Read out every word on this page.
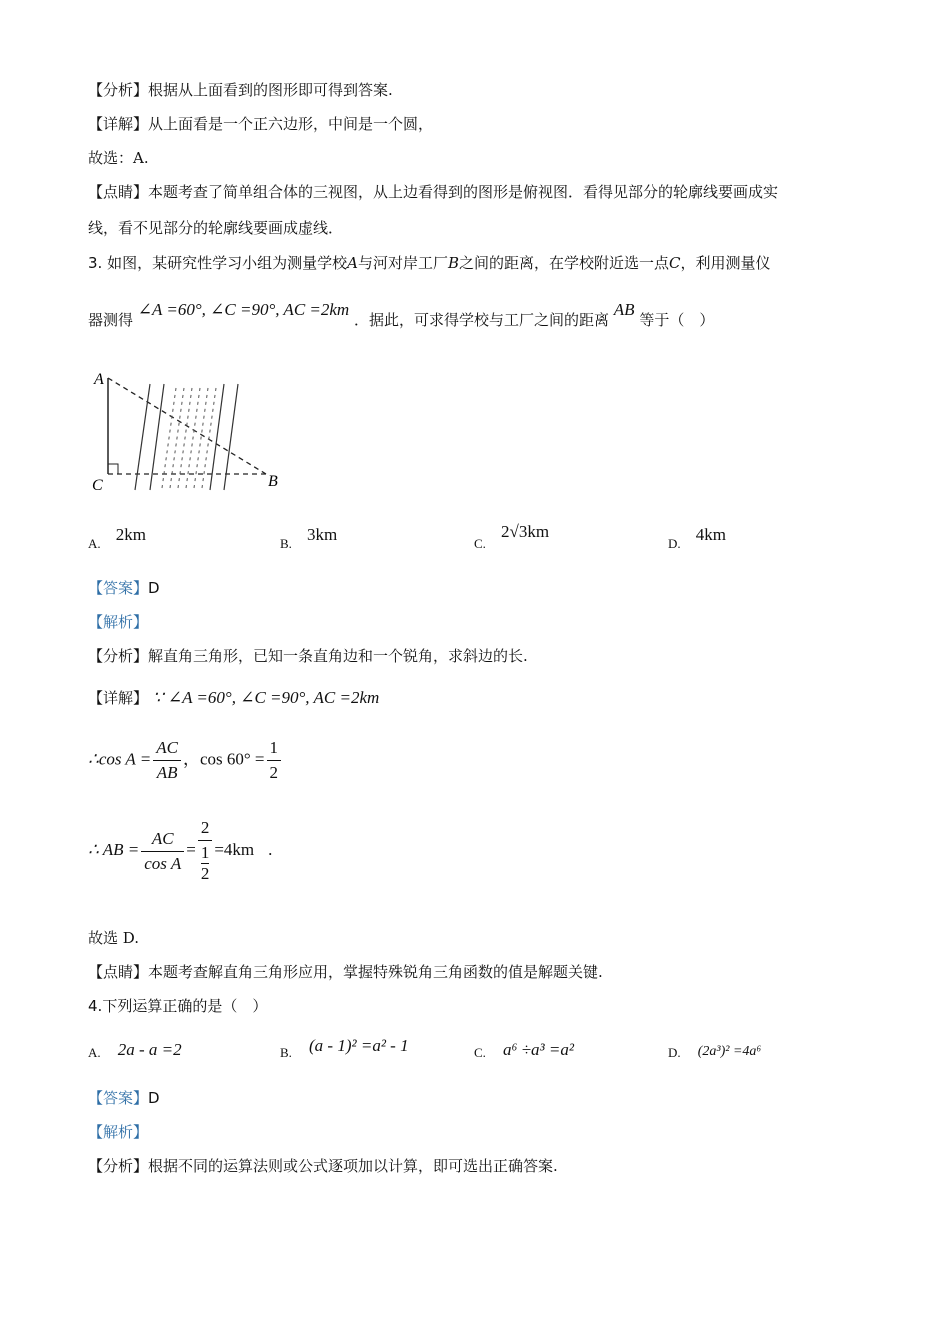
【分析】根据从上面看到的图形即可得到答案.
【详解】从上面看是一个正六边形，中间是一个圆，
故选：A.
【点睛】本题考查了简单组合体的三视图，从上边看得到的图形是俯视图．看得见部分的轮廓线要画成实
线，看不见部分的轮廓线要画成虚线．
3. 如图，某研究性学习小组为测量学校A与河对岸工厂B之间的距离，在学校附近选一点C，利用测量仪
器测得 ∠A =60°, ∠C =90°, AC =2km ．据此，可求得学校与工厂之间的距离 AB 等于（　）
A
C	B
$_{A.}$ 2km	$_{B.}$ 3km	$_{C.}$ 2√3km
$_{D.}$ 4km
【答案】D
【解析】
【分析】解直角三角形，已知一条直角边和一个锐角，求斜边的长.
【详解】 ∵ ∠A =60°, ∠C =90°, AC =2km
∴cos $A = \frac{AC}{AB}$ ，$\cos 60^\circ = \frac{1}{2}$
∴ AB = $\frac{AC}{\text{cos A}} = 2$
1
2 =4km .
故选 D.
【点睛】本题考查解直角三角形应用，掌握特殊锐角三角函数的值是解题关键.
4.下列运算正确的是（　）
A. 2a - a =2	$_{B.}$ (a - 1)² =a² - 1	C. a⁶ ÷a³ =a²	D. (2a³)² =4a⁶
【答案】D
【解析】
【分析】根据不同的运算法则或公式逐项加以计算，即可选出正确答案.
